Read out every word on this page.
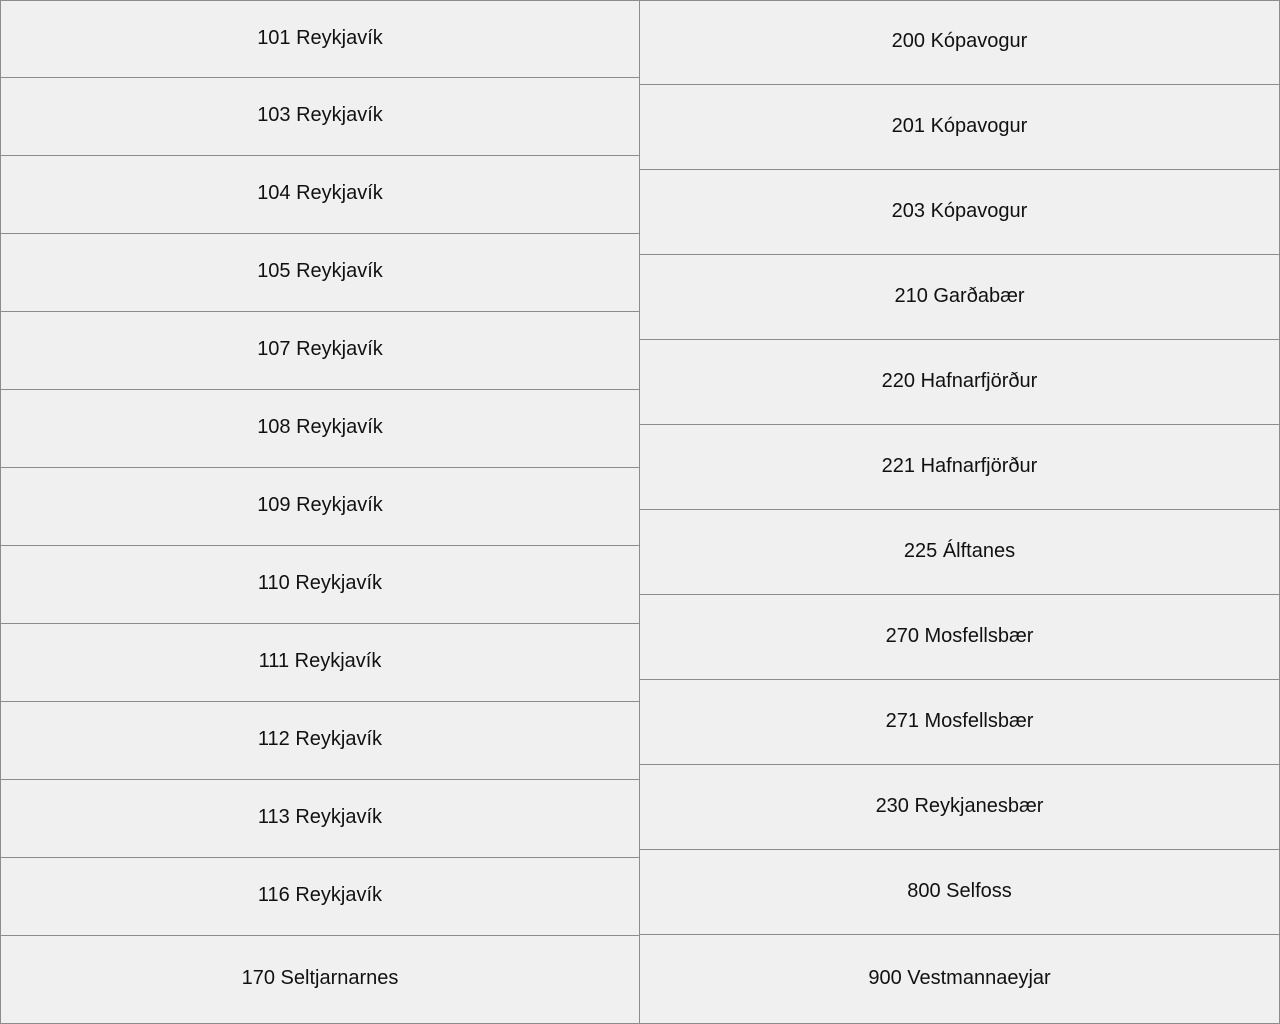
101 Reykjavík
103 Reykjavík
104 Reykjavík
105 Reykjavík
107 Reykjavík
108 Reykjavík
109 Reykjavík
110 Reykjavík
111 Reykjavík
112 Reykjavík
113 Reykjavík
116 Reykjavík
170 Seltjarnarnes
200 Kópavogur
201 Kópavogur
203 Kópavogur
210 Garðabær
220 Hafnarfjörður
221 Hafnarfjörður
225 Álftanes
270 Mosfellsbær
271 Mosfellsbær
230 Reykjanesbær
800 Selfoss
900 Vestmannaeyjar
